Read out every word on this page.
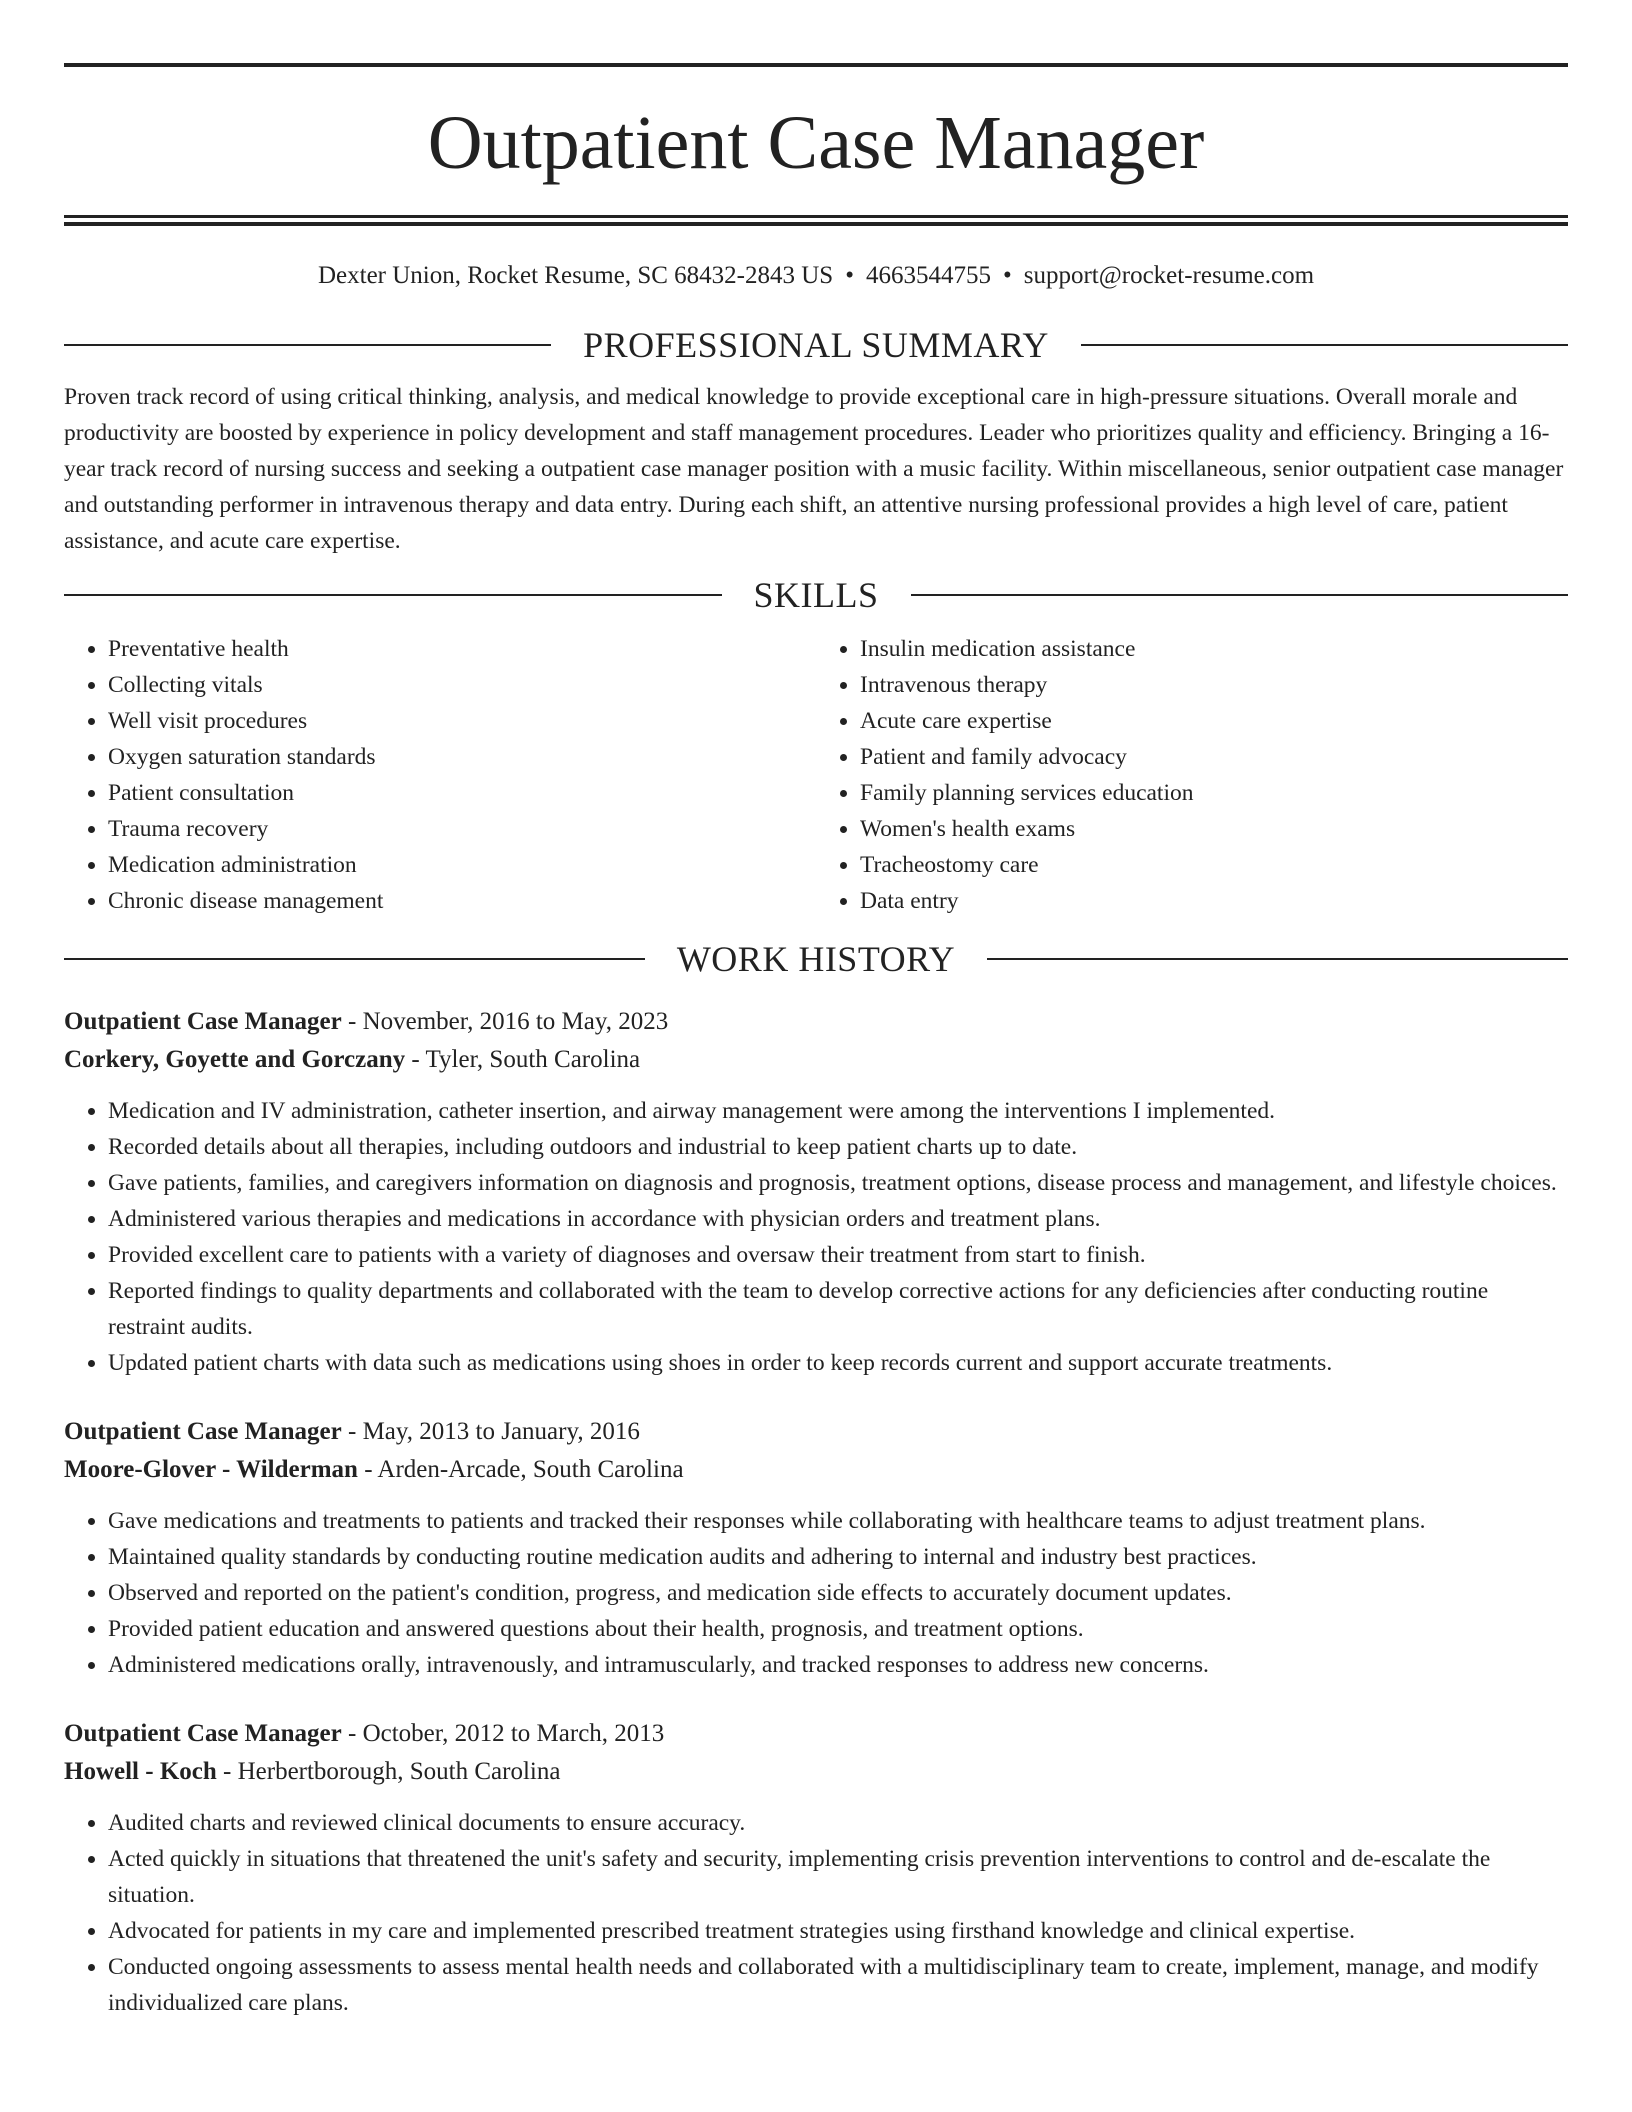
Outpatient Case Manager
Dexter Union, Rocket Resume, SC 68432-2843 US • 4663544755 • support@rocket-resume.com
PROFESSIONAL SUMMARY
Proven track record of using critical thinking, analysis, and medical knowledge to provide exceptional care in high-pressure situations. Overall morale and productivity are boosted by experience in policy development and staff management procedures. Leader who prioritizes quality and efficiency. Bringing a 16-year track record of nursing success and seeking a outpatient case manager position with a music facility. Within miscellaneous, senior outpatient case manager and outstanding performer in intravenous therapy and data entry. During each shift, an attentive nursing professional provides a high level of care, patient assistance, and acute care expertise.
SKILLS
• Preventative health
• Collecting vitals
• Well visit procedures
• Oxygen saturation standards
• Patient consultation
• Trauma recovery
• Medication administration
• Chronic disease management
• Insulin medication assistance
• Intravenous therapy
• Acute care expertise
• Patient and family advocacy
• Family planning services education
• Women's health exams
• Tracheostomy care
• Data entry
WORK HISTORY
Outpatient Case Manager - November, 2016 to May, 2023
Corkery, Goyette and Gorczany - Tyler, South Carolina
• Medication and IV administration, catheter insertion, and airway management were among the interventions I implemented.
• Recorded details about all therapies, including outdoors and industrial to keep patient charts up to date.
• Gave patients, families, and caregivers information on diagnosis and prognosis, treatment options, disease process and management, and lifestyle choices.
• Administered various therapies and medications in accordance with physician orders and treatment plans.
• Provided excellent care to patients with a variety of diagnoses and oversaw their treatment from start to finish.
• Reported findings to quality departments and collaborated with the team to develop corrective actions for any deficiencies after conducting routine restraint audits.
• Updated patient charts with data such as medications using shoes in order to keep records current and support accurate treatments.
Outpatient Case Manager - May, 2013 to January, 2016
Moore-Glover - Wilderman - Arden-Arcade, South Carolina
• Gave medications and treatments to patients and tracked their responses while collaborating with healthcare teams to adjust treatment plans.
• Maintained quality standards by conducting routine medication audits and adhering to internal and industry best practices.
• Observed and reported on the patient's condition, progress, and medication side effects to accurately document updates.
• Provided patient education and answered questions about their health, prognosis, and treatment options.
• Administered medications orally, intravenously, and intramuscularly, and tracked responses to address new concerns.
Outpatient Case Manager - October, 2012 to March, 2013
Howell - Koch - Herbertborough, South Carolina
• Audited charts and reviewed clinical documents to ensure accuracy.
• Acted quickly in situations that threatened the unit's safety and security, implementing crisis prevention interventions to control and de-escalate the situation.
• Advocated for patients in my care and implemented prescribed treatment strategies using firsthand knowledge and clinical expertise.
• Conducted ongoing assessments to assess mental health needs and collaborated with a multidisciplinary team to create, implement, manage, and modify individualized care plans.
